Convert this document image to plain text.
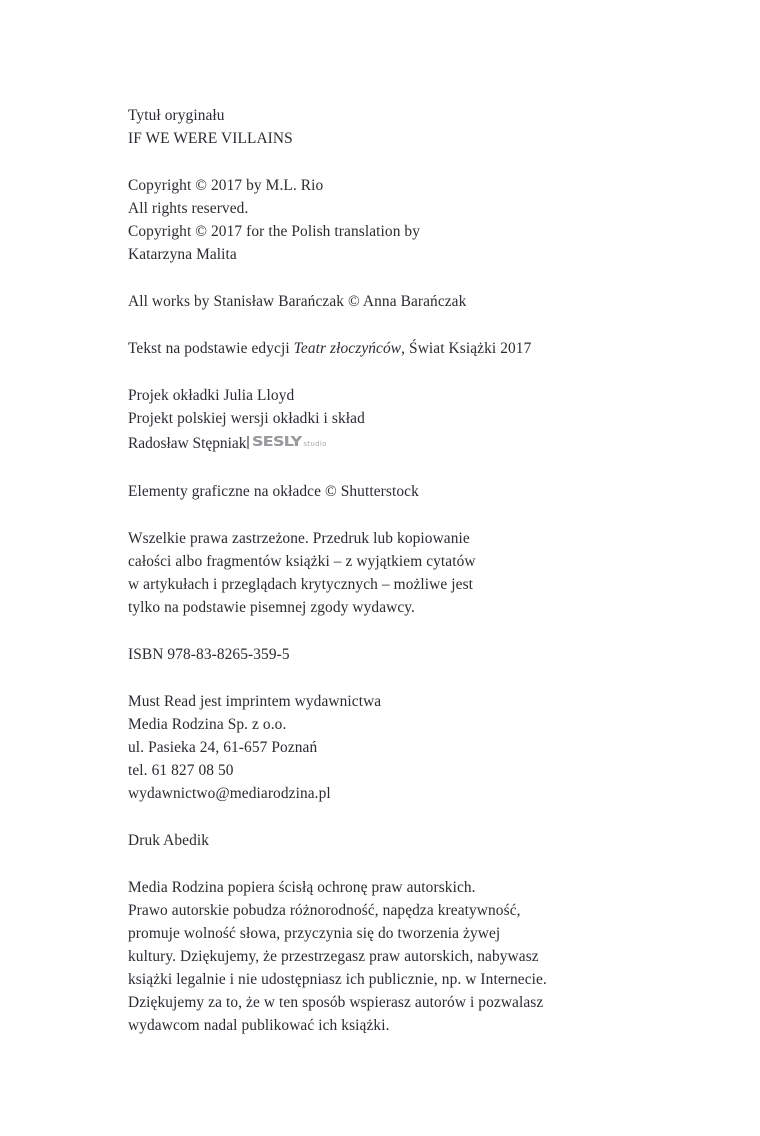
Tytuł oryginału
IF WE WERE VILLAINS
Copyright © 2017 by M.L. Rio
All rights reserved.
Copyright © 2017 for the Polish translation by
Katarzyna Malita
All works by Stanisław Barańczak © Anna Barańczak
Tekst na podstawie edycji Teatr złoczyńców, Świat Książki 2017
Projek okładki Julia Lloyd
Projekt polskiej wersji okładki i skład
Radosław Stępniak SESLY studio
Elementy graficzne na okładce © Shutterstock
Wszelkie prawa zastrzeżone. Przedruk lub kopiowanie
całości albo fragmentów książki – z wyjątkiem cytatów
w artykułach i przeglądach krytycznych – możliwe jest
tylko na podstawie pisemnej zgody wydawcy.
ISBN 978-83-8265-359-5
Must Read jest imprintem wydawnictwa
Media Rodzina Sp. z o.o.
ul. Pasieka 24, 61-657 Poznań
tel. 61 827 08 50
wydawnictwo@mediarodzina.pl
Druk Abedik
Media Rodzina popiera ścisłą ochronę praw autorskich.
Prawo autorskie pobudza różnorodność, napędza kreatywność,
promuje wolność słowa, przyczynia się do tworzenia żywej
kultury. Dziękujemy, że przestrzegasz praw autorskich, nabywasz
książki legalnie i nie udostępniasz ich publicznie, np. w Internecie.
Dziękujemy za to, że w ten sposób wspierasz autorów i pozwalasz
wydawcom nadal publikować ich książki.
